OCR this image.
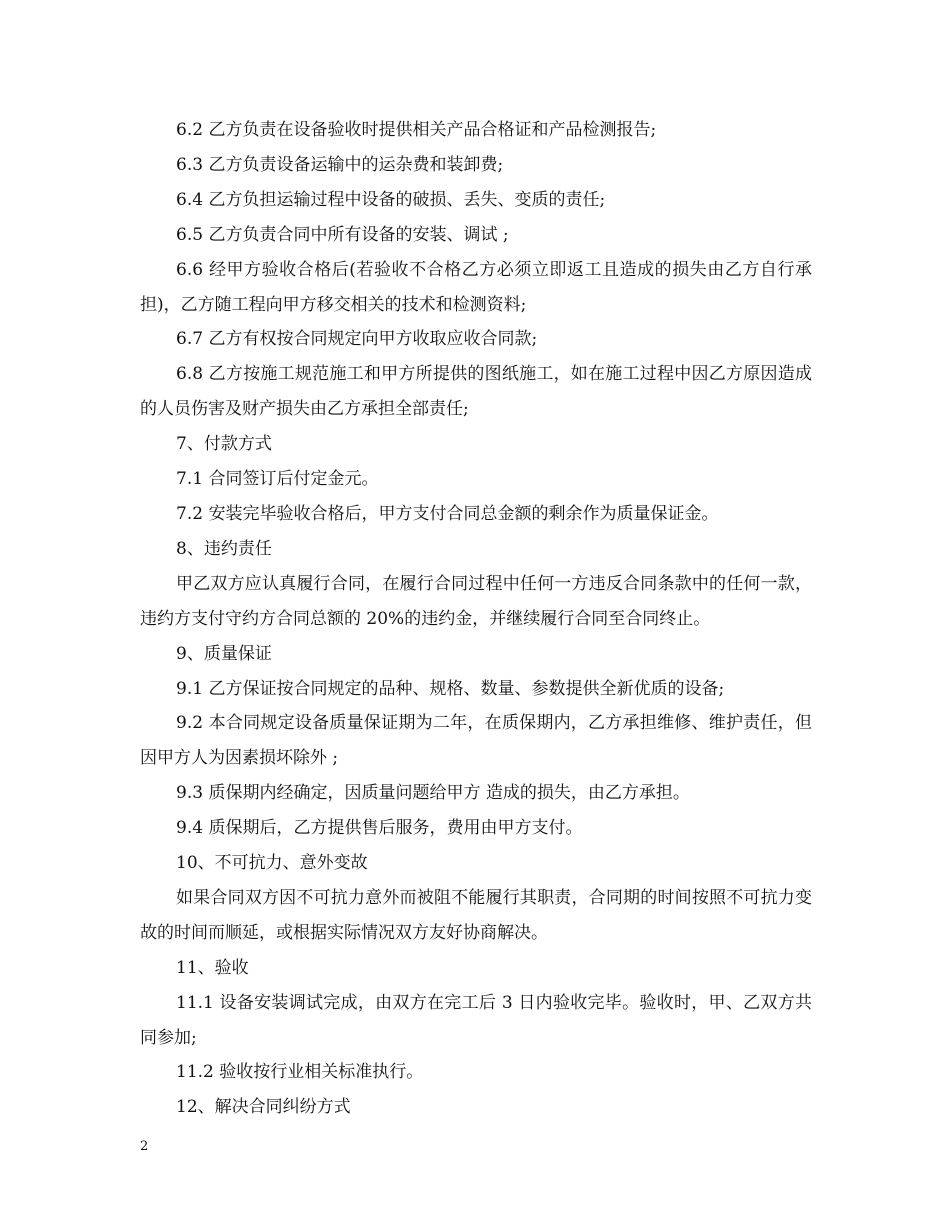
6.2 乙方负责在设备验收时提供相关产品合格证和产品检测报告;

6.3 乙方负责设备运输中的运杂费和装卸费;

6.4 乙方负担运输过程中设备的破损、丢失、变质的责任;

6.5 乙方负责合同中所有设备的安装、调试 ;

6.6 经甲方验收合格后(若验收不合格乙方必须立即返工且造成的损失由乙方自行承担)，乙方随工程向甲方移交相关的技术和检测资料;

6.7 乙方有权按合同规定向甲方收取应收合同款;

6.8 乙方按施工规范施工和甲方所提供的图纸施工，如在施工过程中因乙方原因造成的人员伤害及财产损失由乙方承担全部责任;

7、付款方式

7.1 合同签订后付定金元。

7.2 安装完毕验收合格后，甲方支付合同总金额的剩余作为质量保证金。

8、违约责任

甲乙双方应认真履行合同，在履行合同过程中任何一方违反合同条款中的任何一款，违约方支付守约方合同总额的 20%的违约金，并继续履行合同至合同终止。

9、质量保证

9.1 乙方保证按合同规定的品种、规格、数量、参数提供全新优质的设备;

9.2 本合同规定设备质量保证期为二年，在质保期内，乙方承担维修、维护责任，但因甲方人为因素损坏除外 ;

9.3 质保期内经确定，因质量问题给甲方 造成的损失，由乙方承担。

9.4 质保期后，乙方提供售后服务，费用由甲方支付。

10、不可抗力、意外变故

如果合同双方因不可抗力意外而被阻不能履行其职责，合同期的时间按照不可抗力变故的时间而顺延，或根据实际情况双方友好协商解决。

11、验收

11.1 设备安装调试完成，由双方在完工后 3 日内验收完毕。验收时，甲、乙双方共同参加;

11.2 验收按行业相关标准执行。

12、解决合同纠纷方式

2
